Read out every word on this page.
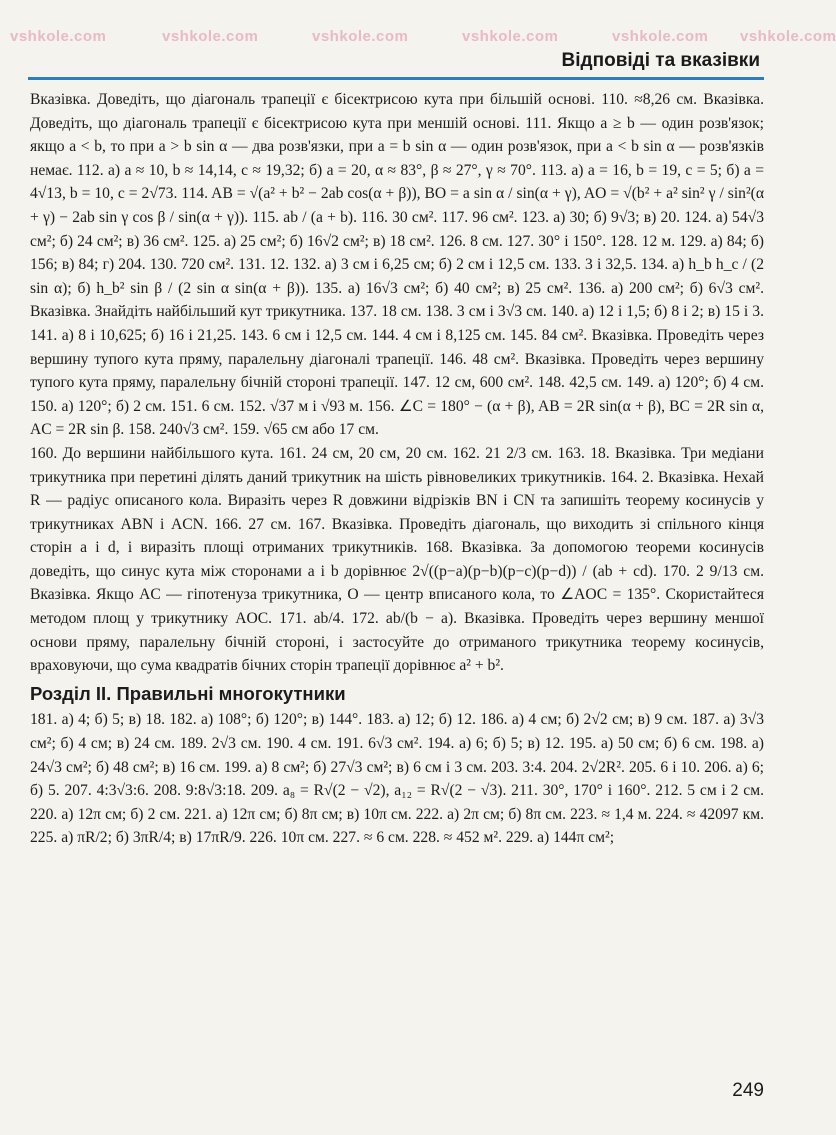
vshkole.com	vshkole.com	vshkole.com	vshkole.com	vshkole.com vshkole.com
Відповіді та вказівки

Вказівка. Доведіть, що діагональ трапеції є бісектрисою кута при більшій основі. 110. ≈8,26 см. Вказівка. Доведіть, що діагональ трапеції є бісектрисою кута при меншій основі. 111. Якщо a ≥ b — один розв'язок; якщо a < b, то при a > b sin α — два розв'язки, при a = b sin α — один розв'язок, при a < b sin α — розв'язків немає. 112. а) a ≈ 10, b ≈ 14,14, c ≈ 19,32; б) a = 20, α ≈ 83°, β ≈ 27°, γ ≈ 70°. 113. а) a = 16, b = 19, c = 5; б) a = 4√13, b = 10, c = 2√73. 114. AB = √(a² + b² − 2ab cos(α + β)), BO = a sin α / sin(α + γ), AO = √(b² + a² sin² γ / sin²(α + γ) − 2ab sin γ cos β / sin(α + γ)). 115. ab / (a + b). 116. 30 см². 117. 96 см². 123. а) 30; б) 9√3; в) 20. 124. а) 54√3 см²; б) 24 см²; в) 36 см². 125. а) 25 см²; б) 16√2 см²; в) 18 см². 126. 8 см. 127. 30° і 150°. 128. 12 м. 129. а) 84; б) 156; в) 84; г) 204. 130. 720 см². 131. 12. 132. а) 3 см і 6,25 см; б) 2 см і 12,5 см. 133. 3 і 32,5. 134. а) h_b h_c / (2 sin α); б) h_b² sin β / (2 sin α sin(α + β)). 135. а) 16√3 см²; б) 40 см²; в) 25 см². 136. а) 200 см²; б) 6√3 см². Вказівка. Знайдіть найбільший кут трикутника. 137. 18 см. 138. 3 см і 3√3 см. 140. а) 12 і 1,5; б) 8 і 2; в) 15 і 3. 141. а) 8 і 10,625; б) 16 і 21,25. 143. 6 см і 12,5 см. 144. 4 см і 8,125 см. 145. 84 см². Вказівка. Проведіть через вершину тупого кута пряму, паралельну діагоналі трапеції. 146. 48 см². Вказівка. Проведіть через вершину тупого кута пряму, паралельну бічній стороні трапеції. 147. 12 см, 600 см². 148. 42,5 см. 149. а) 120°; б) 4 см. 150. а) 120°; б) 2 см. 151. 6 см. 152. √37 м і √93 м. 156. ∠C = 180° − (α + β), AB = 2R sin(α + β), BC = 2R sin α, AC = 2R sin β. 158. 240√3 см². 159. √65 см або 17 см.

160. До вершини найбільшого кута. 161. 24 см, 20 см, 20 см. 162. 21 2/3 см. 163. 18. Вказівка. Три медіани трикутника при перетині ділять даний трикутник на шість рівновеликих трикутників. 164. 2. Вказівка. Нехай R — радіус описаного кола. Виразіть через R довжини відрізків BN і CN та запишіть теорему косинусів у трикутниках ABN і ACN. 166. 27 см. 167. Вказівка. Проведіть діагональ, що виходить зі спільного кінця сторін a і d, і виразіть площі отриманих трикутників. 168. Вказівка. За допомогою теореми косинусів доведіть, що синус кута між сторонами a і b дорівнює 2√((p−a)(p−b)(p−c)(p−d)) / (ab + cd). 170. 2 9/13 см. Вказівка. Якщо AC — гіпотенуза трикутника, O — центр вписаного кола, то ∠AOC = 135°. Скористайтеся методом площ у трикутнику AOC. 171. ab/4. 172. ab/(b − a). Вказівка. Проведіть через вершину меншої основи пряму, паралельну бічній стороні, і застосуйте до отриманого трикутника теорему косинусів, враховуючи, що сума квадратів бічних сторін трапеції дорівнює a² + b².

Розділ II. Правильні многокутники

181. а) 4; б) 5; в) 18. 182. а) 108°; б) 120°; в) 144°. 183. а) 12; б) 12. 186. а) 4 см; б) 2√2 см; в) 9 см. 187. а) 3√3 см²; б) 4 см; в) 24 см. 189. 2√3 см. 190. 4 см. 191. 6√3 см². 194. а) 6; б) 5; в) 12. 195. а) 50 см; б) 6 см. 198. а) 24√3 см²; б) 48 см²; в) 16 см. 199. а) 8 см²; б) 27√3 см²; в) 6 см і 3 см. 203. 3:4. 204. 2√2R². 205. 6 і 10. 206. а) 6; б) 5. 207. 4:3√3:6. 208. 9:8√3:18. 209. a₈ = R√(2 − √2), a₁₂ = R√(2 − √3). 211. 30°, 170° і 160°. 212. 5 см і 2 см. 220. а) 12π см; б) 2 см. 221. а) 12π см; б) 8π см; в) 10π см. 222. а) 2π см; б) 8π см. 223. ≈ 1,4 м. 224. ≈ 42097 км. 225. а) πR/2; б) 3πR/4; в) 17πR/9. 226. 10π см. 227. ≈ 6 см. 228. ≈ 452 м². 229. а) 144π см²;

249
